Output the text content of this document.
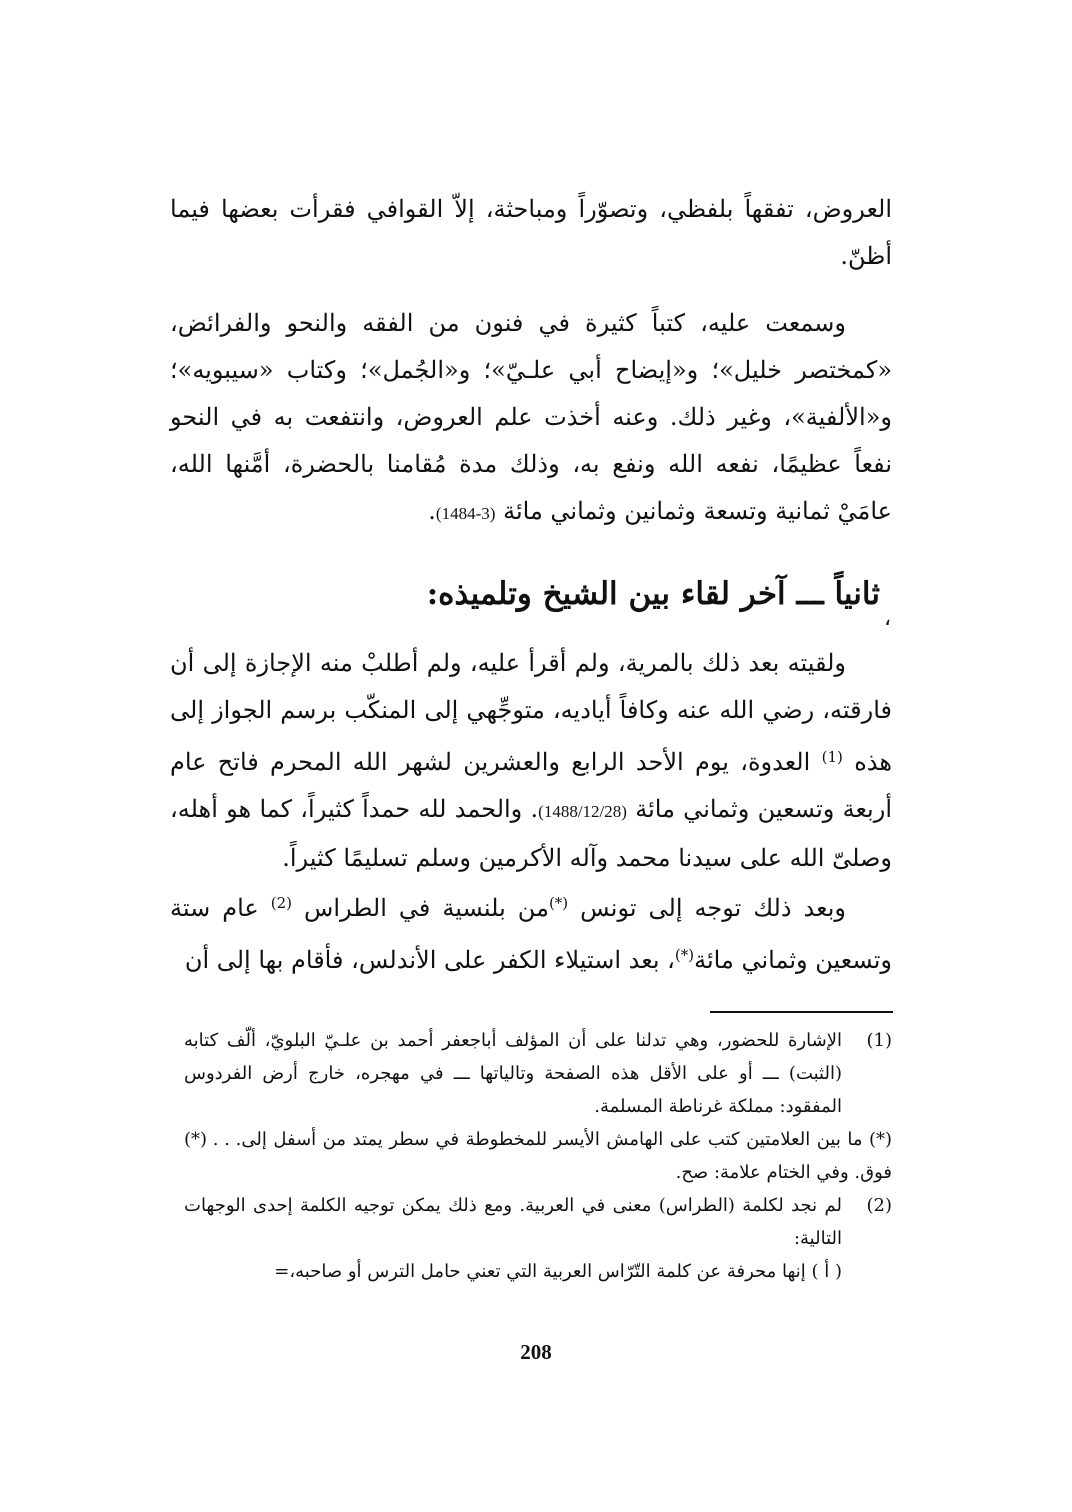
العروض، تفقهاً بلفظي، وتصوّراً ومباحثة، إلاّ القوافي فقرأت بعضها فيما أظنّ.

وسمعت عليه، كتباً كثيرة في فنون من الفقه والنحو والفرائض، «كمختصر خليل»؛ و«إيضاح أبي علـيّ»؛ و«الجُمل»؛ وكتاب «سيبويه»؛ و«الألفية»، وغير ذلك. وعنه أخذت علم العروض، وانتفعت به في النحو نفعاً عظيمًا، نفعه الله ونفع به، وذلك مدة مُقامنا بالحضرة، أمَّنها الله، عامَيْ ثمانية وتسعة وثمانين وثماني مائة (3-1484).

ثانياً ـــ آخر لقاء بين الشيخ وتلميذه:
،

ولقيته بعد ذلك بالمرية، ولم أقرأ عليه، ولم أطلبْ منه الإجازة إلى أن فارقته، رضي الله عنه وكافاً أياديه، متوجِّهي إلى المنكّب برسم الجواز إلى هذه $^{(1)}$ العدوة، يوم الأحد الرابع والعشرين لشهر الله المحرم فاتح عام أربعة وتسعين وثماني مائة (1488/12/28). والحمد لله حمداً كثيراً، كما هو أهله، وصلىّ الله على سيدنا محمد وآله الأكرمين وسلم تسليمًا كثيراً.

وبعد ذلك توجه إلى تونس (*)من بلنسية في الطراس $^{(2)}$ عام ستة وتسعين وثماني مائة(*)، بعد استيلاء الكفر على الأندلس، فأقام بها إلى أن

(1)
الإشارة للحضور، وهي تدلنا على أن المؤلف أباجعفر أحمد بن علـيّ البلويّ، ألّف كتابه (الثبت) ـــ أو على الأقل هذه الصفحة وتالياتها ـــ في مهجره، خارج أرض الفردوس المفقود: مملكة غرناطة المسلمة.
(*) ما بين العلامتين كتب على الهامش الأيسر للمخطوطة في سطر يمتد من أسفل إلى فوق. وفي الختام علامة: صح.
(*) . . .
(2)
لم نجد لكلمة (الطراس) معنى في العربية. ومع ذلك يمكن توجيه الكلمة إحدى الوجهات التالية:
( أ ) إنها محرفة عن كلمة التّرّاس العربية التي تعني حامل الترس أو صاحبه،=
208
